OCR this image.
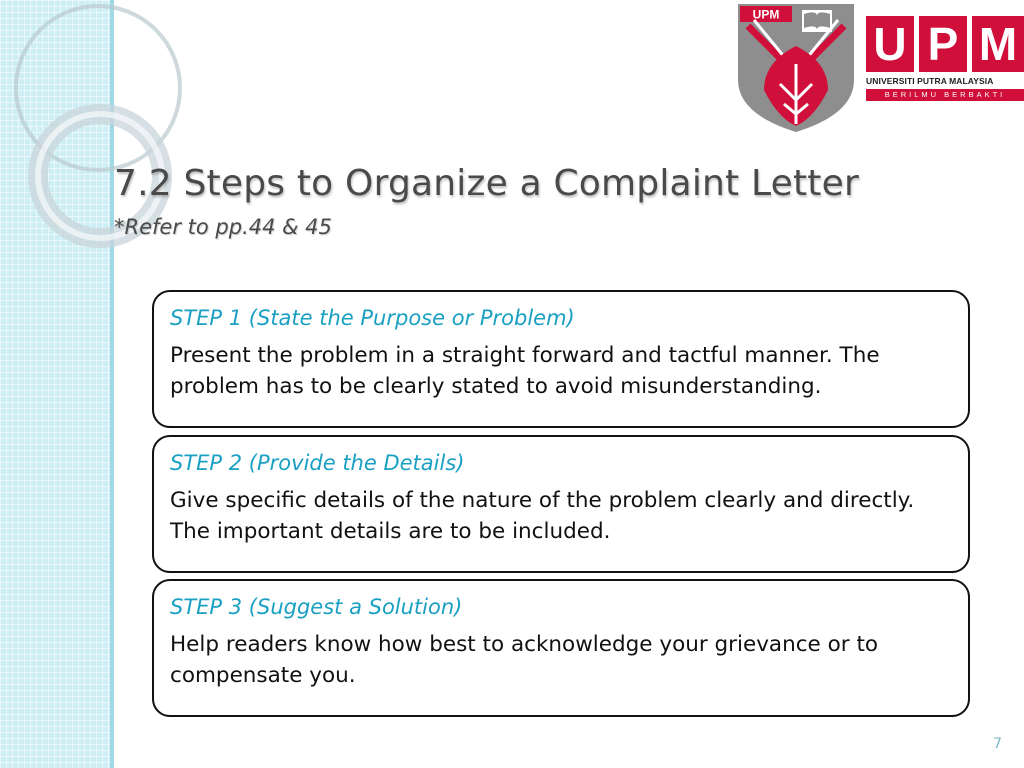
UPM
U P M
UNIVERSITI PUTRA MALAYSIA
BERILMU BERBAKTI
7.2 Steps to Organize a Complaint Letter
*Refer to pp.44 & 45

STEP 1 (State the Purpose or Problem)

Present the problem in a straight forward and tactful manner. The problem has to be clearly stated to avoid misunderstanding.

STEP 2 (Provide the Details)

Give specific details of the nature of the problem clearly and directly. The important details are to be included.

STEP 3 (Suggest a Solution)

Help readers know how best to acknowledge your grievance or to compensate you.

7
